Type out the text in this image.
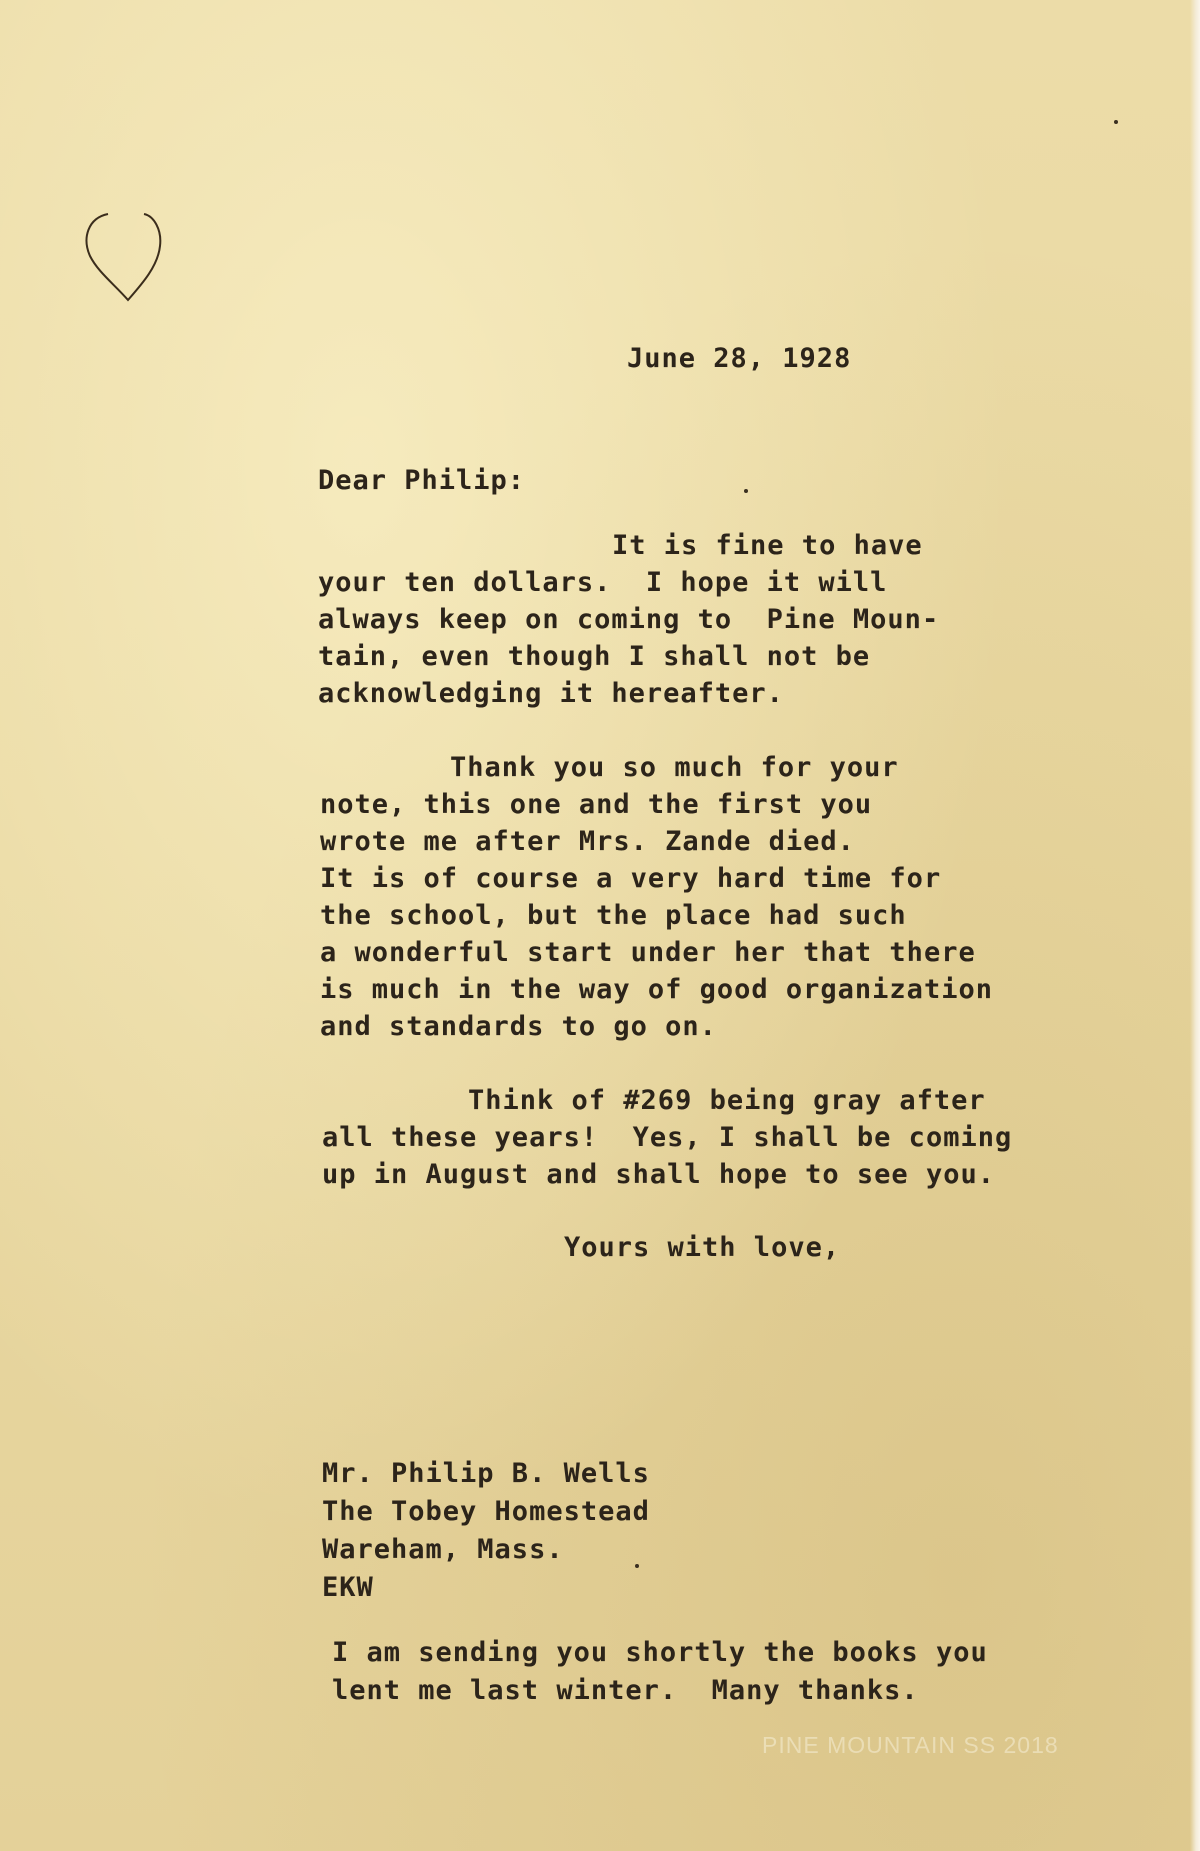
June 28, 1928

Dear Philip:

It is fine to have

your ten dollars.  I hope it will

always keep on coming to  Pine Moun-

tain, even though I shall not be

acknowledging it hereafter.

Thank you so much for your

note, this one and the first you

wrote me after Mrs. Zande died.

It is of course a very hard time for

the school, but the place had such

a wonderful start under her that there

is much in the way of good organization

and standards to go on.

Think of #269 being gray after

all these years!  Yes, I shall be coming

up in August and shall hope to see you.

Yours with love,

Mr. Philip B. Wells

The Tobey Homestead

Wareham, Mass.

EKW

I am sending you shortly the books you

lent me last winter.  Many thanks.

PINE MOUNTAIN SS 2018
